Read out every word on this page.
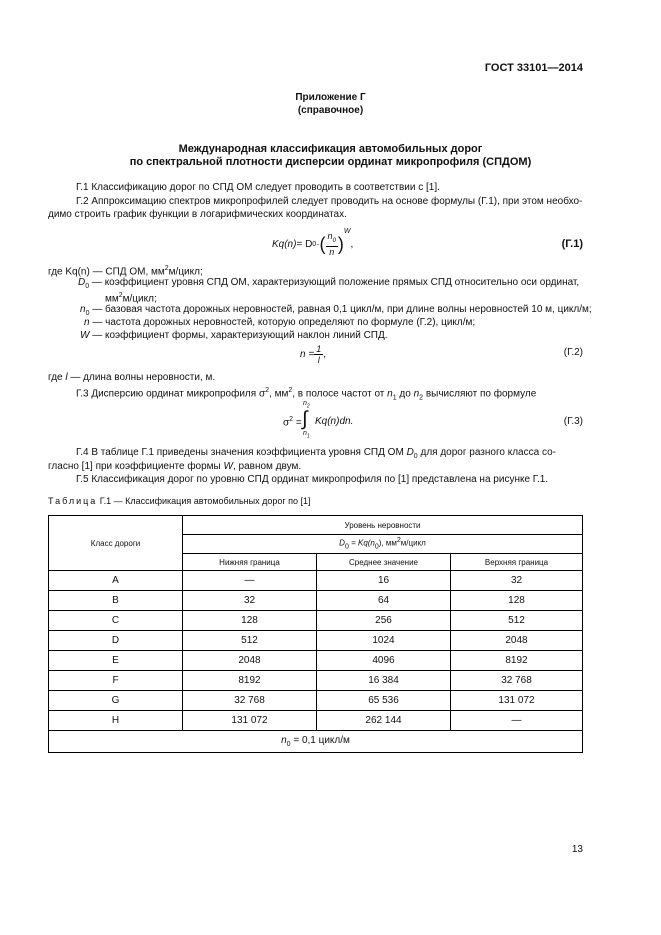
ГОСТ 33101—2014
Приложение Г
(справочное)
Международная классификация автомобильных дорог
по спектральной плотности дисперсии ординат микропрофиля (СПДОМ)
Г.1 Классификацию дорог по СПД ОМ следует проводить в соответствии с [1].
Г.2 Аппроксимацию спектров микропрофилей следует проводить на основе формулы (Г.1), при этом необхо-
димо строить график функции в логарифмических координатах.
Kq(n) = D 0 · ( $\frac{n_0}{n}$ )
$^W$
,	(Г.1)
где Kq(n) — СПД ОМ, $мм^2м$/цикл;
$D_0$ — коэффициент уровня СПД ОМ, характеризующий положение прямых СПД относительно оси ординат,
$мм^2м$/цикл;
$n_0$ — базовая частота дорожных неровностей, равная 0,1 цикл/м, при длине волны неровностей 10 м, цикл/м;
n — частота дорожных неровностей, которую определяют по формуле (Г.2), цикл/м;
W — коэффициент формы, характеризующий наклон линий СПД.
$n = \frac{1}{l}$ ,	(Г.2)
где l — длина волны неровности, м.
Г.3 Дисперсию ординат микропрофиля $\sigma^2$, $мм^2$, в полосе частот от $n_1$ до $n_2$ вычисляют по формуле
$\sigma^2$ =
$n_2$
∫
$n_1$
Kq(n)dn.	(Г.3)
Г.4 В таблице Г.1 приведены значения коэффициента уровня СПД ОМ $D_0$ для дорог разного класса со-
гласно [1] при коэффициенте формы W, равном двум.
Г.5 Классификация дорог по уровню СПД ординат микропрофиля по [1] представлена на рисунке Г.1.
Таблица Г.1 — Классификация автомобильных дорог по [1]
Класс дороги	Уровень неровности		
	$D_0 = Kq(n_0)$, $мм^2м$/цикл		
	Нижняя граница	Среднее значение	Верхняя граница
A	—	16	32
B	32	64	128
C	128	256	512
D	512	1024	2048
E	2048	4096	8192
F	8192	16 384	32 768
G	32 768	65 536	131 072
H	131 072	262 144	—
$n_0 = 0,1$ цикл/м			
13
